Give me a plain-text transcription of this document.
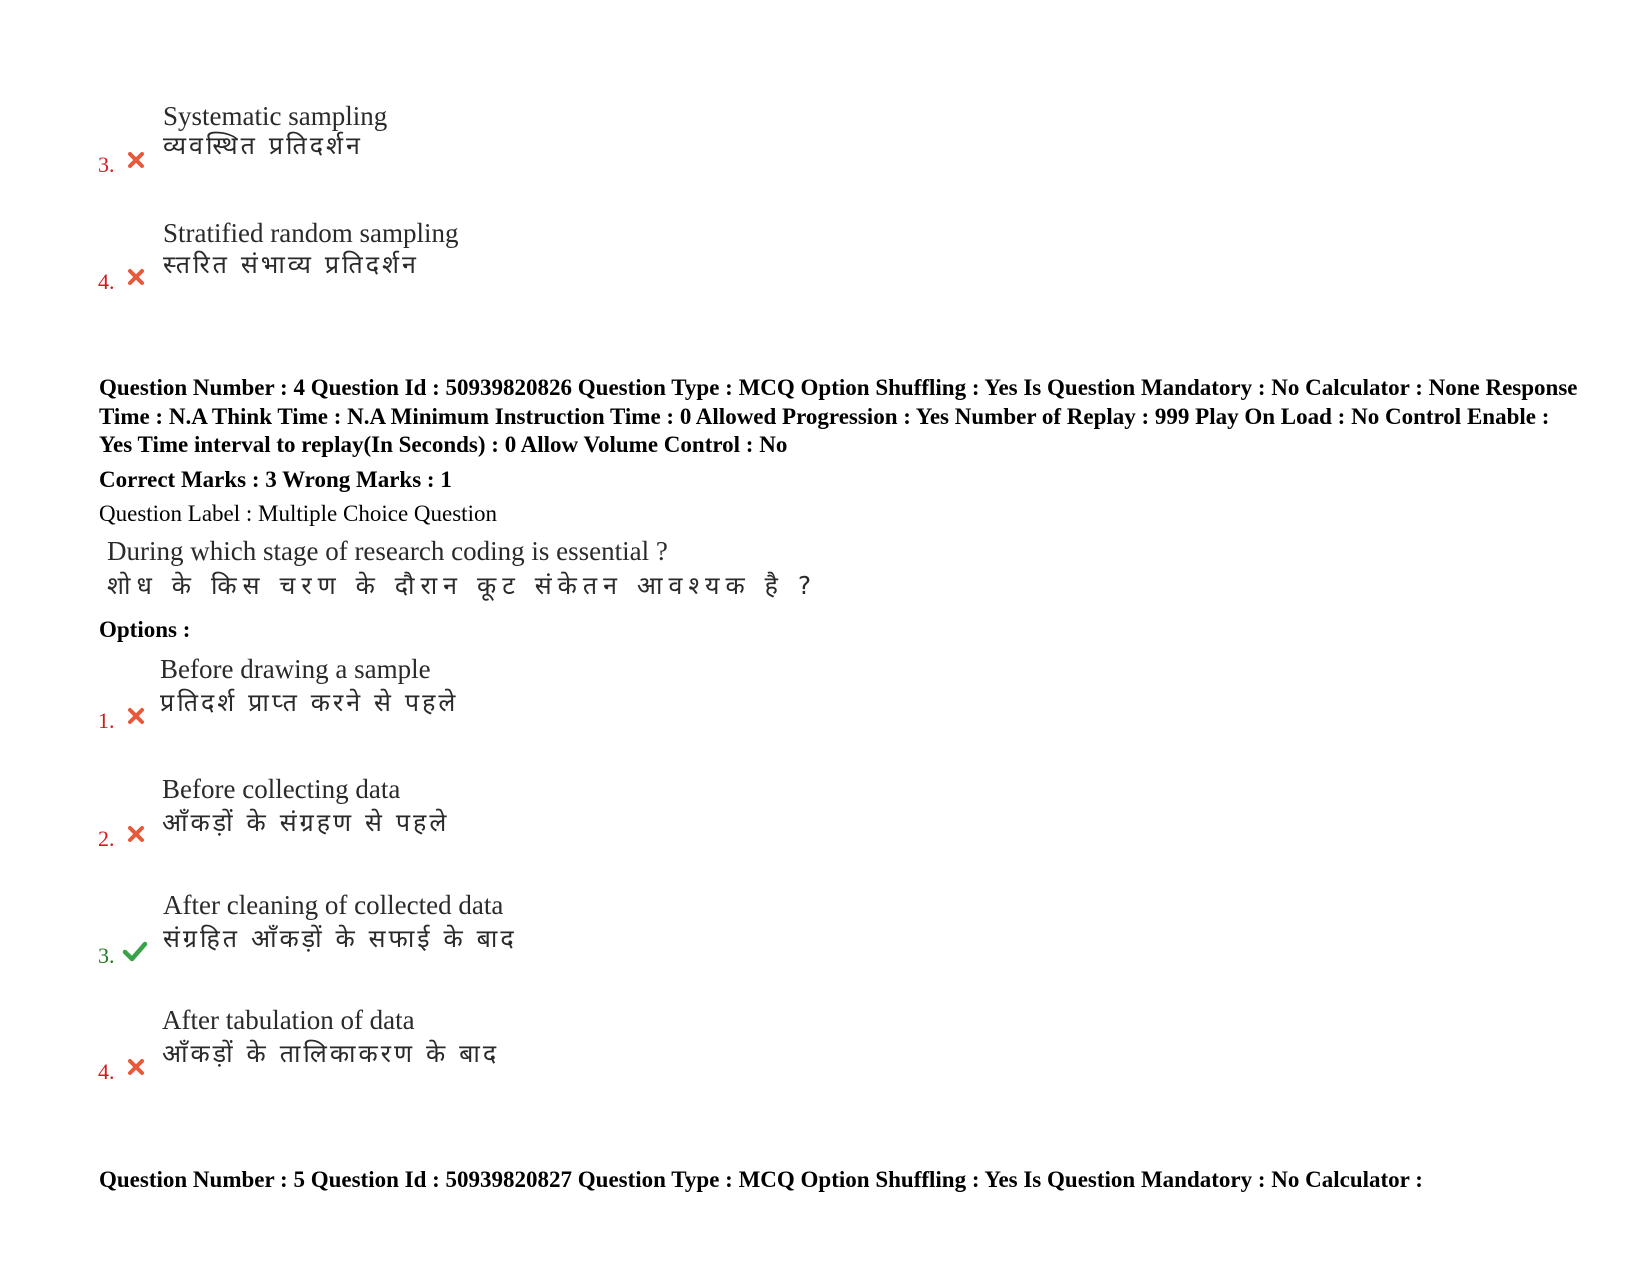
Systematic sampling
व्यवस्थित प्रतिदर्शन
3.
Stratified random sampling
स्तरित संभाव्य प्रतिदर्शन
4.
Question Number : 4 Question Id : 50939820826 Question Type : MCQ Option Shuffling : Yes Is Question Mandatory : No Calculator : None Response Time : N.A Think Time : N.A Minimum Instruction Time : 0 Allowed Progression : Yes Number of Replay : 999 Play On Load : No Control Enable : Yes Time interval to replay(In Seconds) : 0 Allow Volume Control : No
Correct Marks : 3 Wrong Marks : 1
Question Label : Multiple Choice Question
During which stage of research coding is essential ?
शोध के किस चरण के दौरान कूट संकेतन आवश्यक है ?
Options :
Before drawing a sample
प्रतिदर्श प्राप्त करने से पहले
1.
Before collecting data
आँकड़ों के संग्रहण से पहले
2.
After cleaning of collected data
संग्रहित आँकड़ों के सफाई के बाद
3.
After tabulation of data
आँकड़ों के तालिकाकरण के बाद
4.
Question Number : 5 Question Id : 50939820827 Question Type : MCQ Option Shuffling : Yes Is Question Mandatory : No Calculator :
